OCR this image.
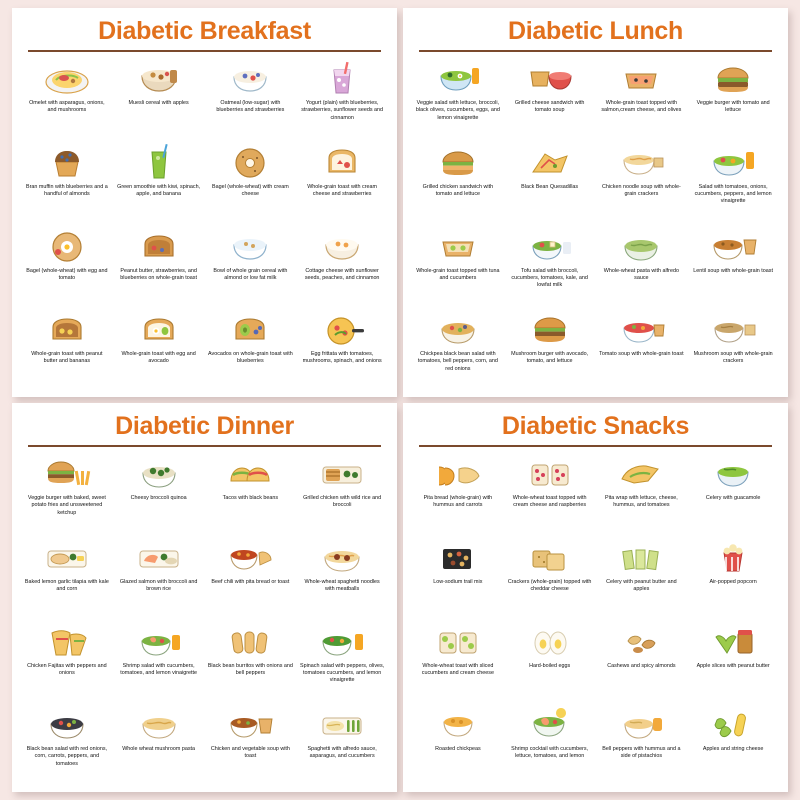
Diabetic Breakfast
Omelet with asparagus, onions, and mushrooms
Muesli cereal with apples	Oatmeal (low-sugar) with blueberries and strawberries
Yogurt (plain) with blueberries, strawberries, sunflower seeds and cinnamon
Bran muffin with blueberries and a handful of almonds
Green smoothie with kiwi, spinach, apple, and banana
Bagel (whole-wheat) with cream cheese
Whole-grain toast with cream cheese and strawberries
Bagel (whole-wheat) with egg and tomato
Peanut butter, strawberries, and blueberries on whole-grain toast
Bowl of whole grain cereal with almond or low fat milk
Cottage cheese with sunflower seeds, peaches, and cinnamon
Whole-grain toast with peanut butter and bananas
Whole-grain toast with egg and avocado
Avocados on whole-grain toast with blueberries
Egg frittata with tomatoes, mushrooms, spinach, and onions
Diabetic Lunch
Veggie salad with lettuce, broccoli, black olives, cucumbers, eggs, and lemon vinaigrette
Grilled cheese sandwich with tomato soup
Whole-grain toast topped with salmon,cream cheese, and olives
Veggie burger with tomato and lettuce
Grilled chicken sandwich with tomato and lettuce
Black Bean Quesadillas	Chicken noodle soup with whole-grain crackers
Salad with tomatoes, onions, cucumbers, peppers, and lemon vinaigrette
Whole-grain toast topped with tuna and cucumbers
Tofu salad with broccoli, cucumbers, tomatoes, kale, and lowfat milk
Whole-wheat pasta with alfredo sauce
Lentil soup with whole-grain toast
Chickpea black bean salad with tomatoes, bell peppers, corn, and red onions
Mushroom burger with avocado, tomato, and lettuce
Tomato soup with whole-grain toast	Mushroom soup with whole-grain crackers
Diabetic Dinner
Veggie burger with baked, sweet potato fries and unsweetened ketchup
Cheesy broccoli quinoa	Tacos with black beans	Grilled chicken with wild rice and broccoli
Baked lemon garlic tilapia with kale and corn
Glazed salmon with broccoli and brown rice
Beef chili with pita bread or toast	Whole-wheat spaghetti noodles with meatballs
Chicken Fajitas with peppers and onions
Shrimp salad with cucumbers, tomatoes, and lemon vinaigrette
Black bean burritos with onions and bell peppers
Spinach salad with peppers, olives, tomatoes cucumbers, and lemon vinaigrette
Black bean salad with red onions, corn, carrots, peppers, and tomatoes
Whole wheat mushroom pasta	Chicken and vegetable soup with toast
Spaghetti with alfredo sauce, asparagus, and cucumbers
Diabetic Snacks
Pita bread (whole-grain) with hummus and carrots
Whole-wheat toast topped with cream cheese and raspberries
Pita wrap with lettuce, cheese, hummus, and tomatoes
Celery with guacamole
Low-sodium trail mix	Crackers (whole-grain) topped with cheddar cheese
Celery with peanut butter and apples
Air-popped popcorn
Whole-wheat toast with sliced cucumbers and cream cheese
Hard-boiled eggs	Cashews and spicy almonds	Apple slices with peanut butter
Roasted chickpeas	Shrimp cocktail with cucumbers, lettuce, tomatoes, and lemon
Bell peppers with hummus and a side of pistachios
Apples and string cheese
